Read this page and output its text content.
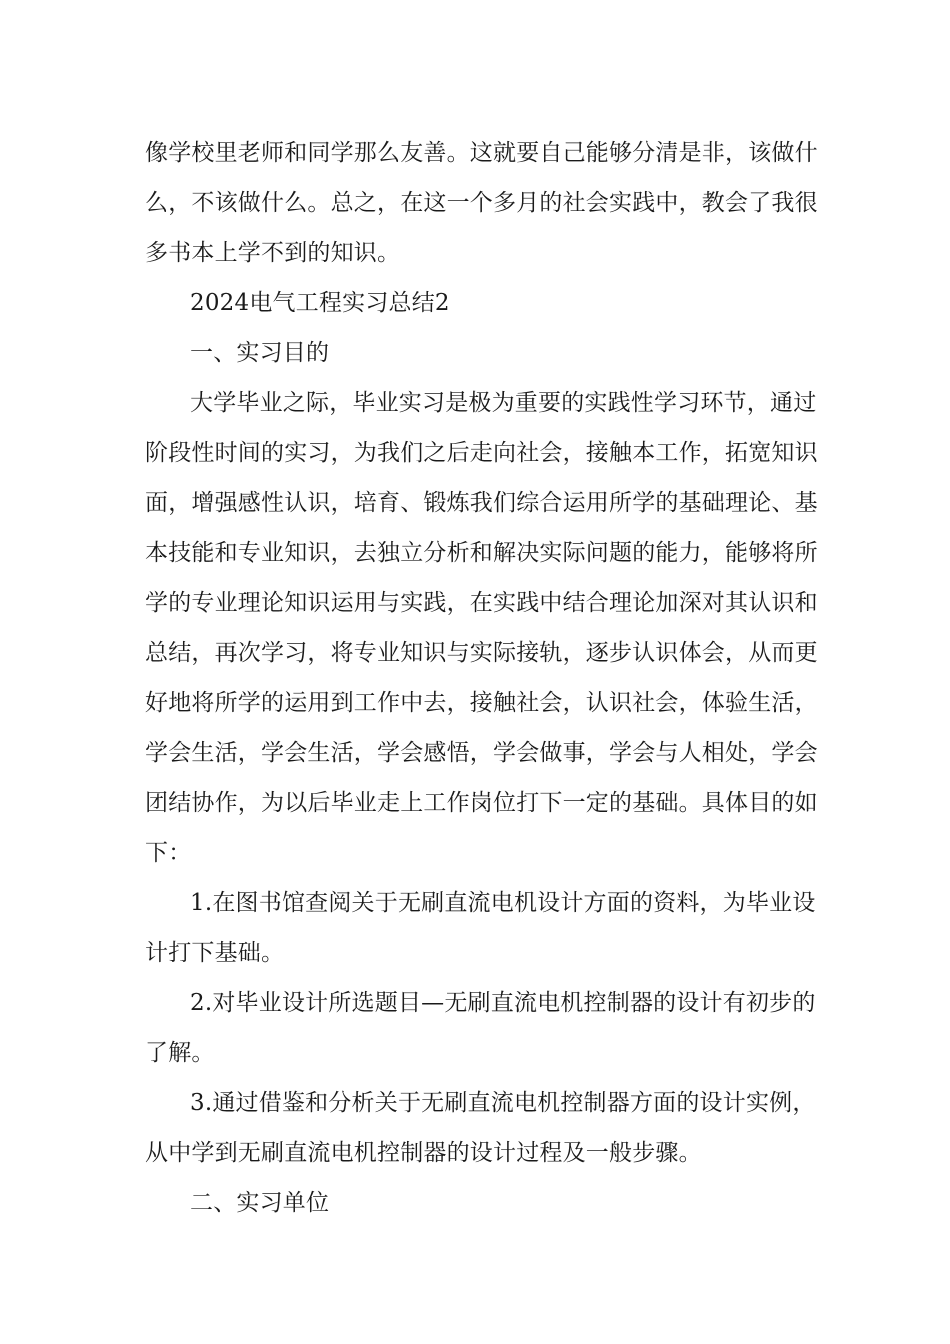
像学校里老师和同学那么友善。这就要自己能够分清是非，该做什
么，不该做什么。总之，在这一个多月的社会实践中，教会了我很
多书本上学不到的知识。
2024电气工程实习总结2
一、实习目的
大学毕业之际，毕业实习是极为重要的实践性学习环节，通过
阶段性时间的实习，为我们之后走向社会，接触本工作，拓宽知识
面，增强感性认识，培育、锻炼我们综合运用所学的基础理论、基
本技能和专业知识，去独立分析和解决实际问题的能力，能够将所
学的专业理论知识运用与实践，在实践中结合理论加深对其认识和
总结，再次学习，将专业知识与实际接轨，逐步认识体会，从而更
好地将所学的运用到工作中去，接触社会，认识社会，体验生活，
学会生活，学会生活，学会感悟，学会做事，学会与人相处，学会
团结协作，为以后毕业走上工作岗位打下一定的基础。具体目的如
下：
1.在图书馆查阅关于无刷直流电机设计方面的资料，为毕业设
计打下基础。
2.对毕业设计所选题目—无刷直流电机控制器的设计有初步的
了解。
3.通过借鉴和分析关于无刷直流电机控制器方面的设计实例，
从中学到无刷直流电机控制器的设计过程及一般步骤。
二、实习单位
